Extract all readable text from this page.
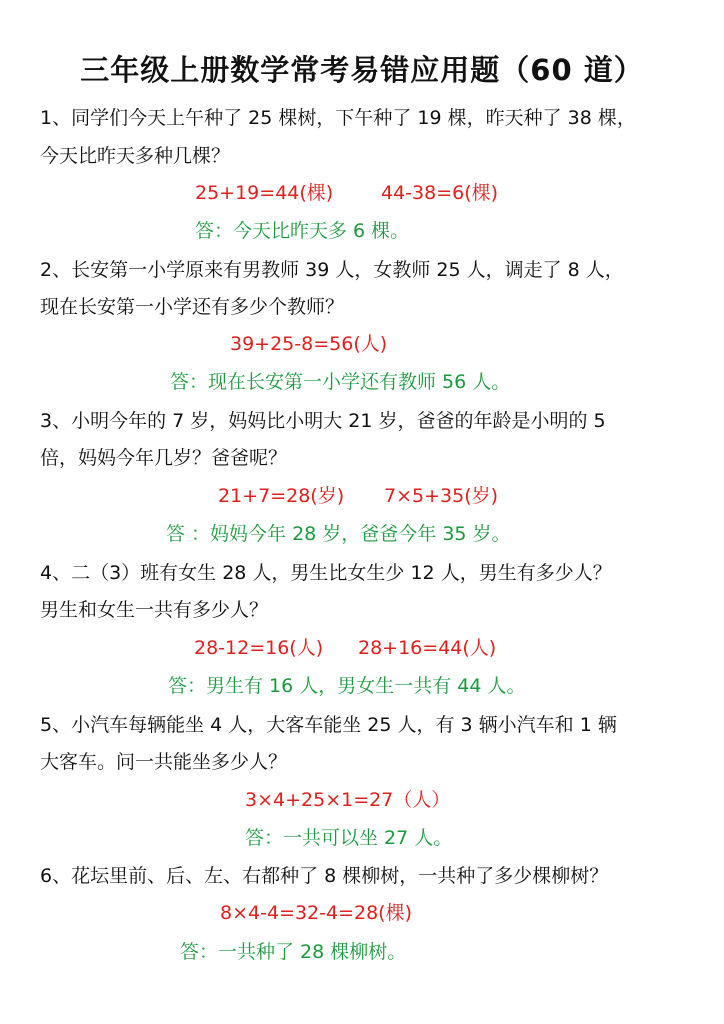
三年级上册数学常考易错应用题（60 道）
1、同学们今天上午种了 25 棵树，下午种了 19 棵，昨天种了 38 棵，
今天比昨天多种几棵？
25+19=44(棵)	44-38=6(棵)
答：今天比昨天多 6 棵。
2、长安第一小学原来有男教师 39 人，女教师 25 人，调走了 8 人，
现在长安第一小学还有多少个教师？
39+25-8=56(人)
答：现在长安第一小学还有教师 56 人。
3、小明今年的 7 岁，妈妈比小明大 21 岁，爸爸的年龄是小明的 5
倍，妈妈今年几岁？爸爸呢？
21+7=28(岁) 7×5+35(岁)
答 ：妈妈今年 28 岁，爸爸今年 35 岁。
4、二（3）班有女生 28 人，男生比女生少 12 人，男生有多少人？
男生和女生一共有多少人？
28-12=16(人) 28+16=44(人)
答：男生有 16 人，男女生一共有 44 人。
5、小汽车每辆能坐 4 人，大客车能坐 25 人，有 3 辆小汽车和 1 辆
大客车。问一共能坐多少人？
3×4+25×1=27（人）
答：一共可以坐 27 人。
6、花坛里前、后、左、右都种了 8 棵柳树，一共种了多少棵柳树？
8×4-4=32-4=28(棵)
答：一共种了 28 棵柳树。
